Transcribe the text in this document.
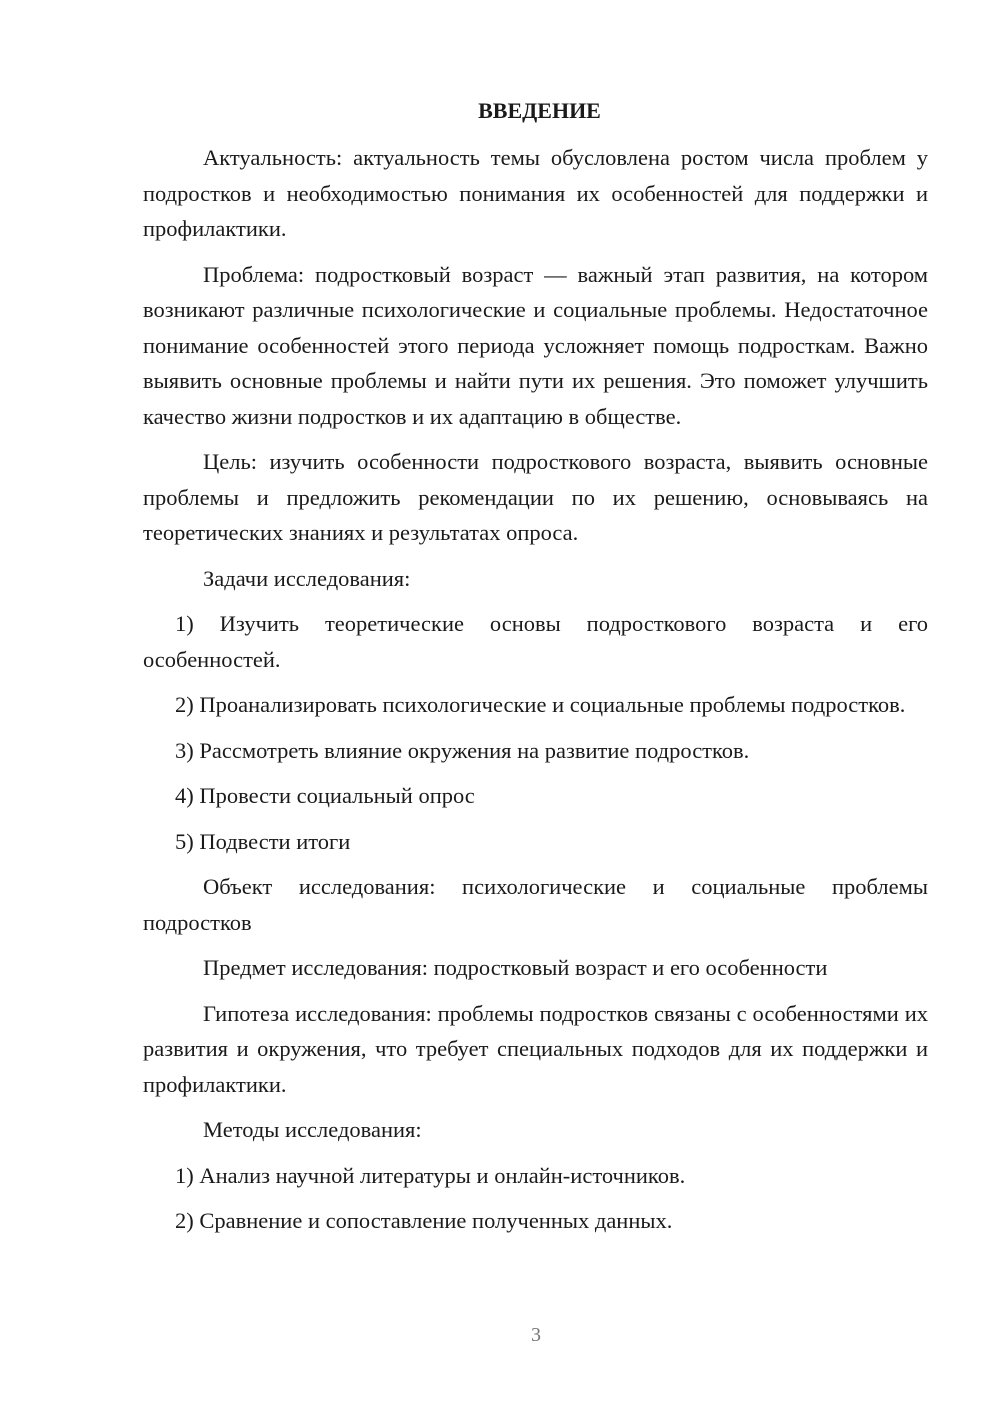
ВВЕДЕНИЕ

Актуальность: актуальность темы обусловлена ростом числа проблем у подростков и необходимостью понимания их особенностей для поддержки и профилактики.

Проблема: подростковый возраст — важный этап развития, на котором возникают различные психологические и социальные проблемы. Недостаточное понимание особенностей этого периода усложняет помощь подросткам. Важно выявить основные проблемы и найти пути их решения. Это поможет улучшить качество жизни подростков и их адаптацию в обществе.

Цель: изучить особенности подросткового возраста, выявить основные проблемы и предложить рекомендации по их решению, основываясь на теоретических знаниях и результатах опроса.

Задачи исследования:

1) Изучить теоретические основы подросткового возраста и его особенностей.

2) Проанализировать психологические и социальные проблемы подростков.

3) Рассмотреть влияние окружения на развитие подростков.

4) Провести социальный опрос

5) Подвести итоги

Объект исследования: психологические и социальные проблемы подростков

Предмет исследования: подростковый возраст и его особенности

Гипотеза исследования: проблемы подростков связаны с особенностями их развития и окружения, что требует специальных подходов для их поддержки и профилактики.

Методы исследования:

1) Анализ научной литературы и онлайн-источников.

2) Сравнение и сопоставление полученных данных.

3
